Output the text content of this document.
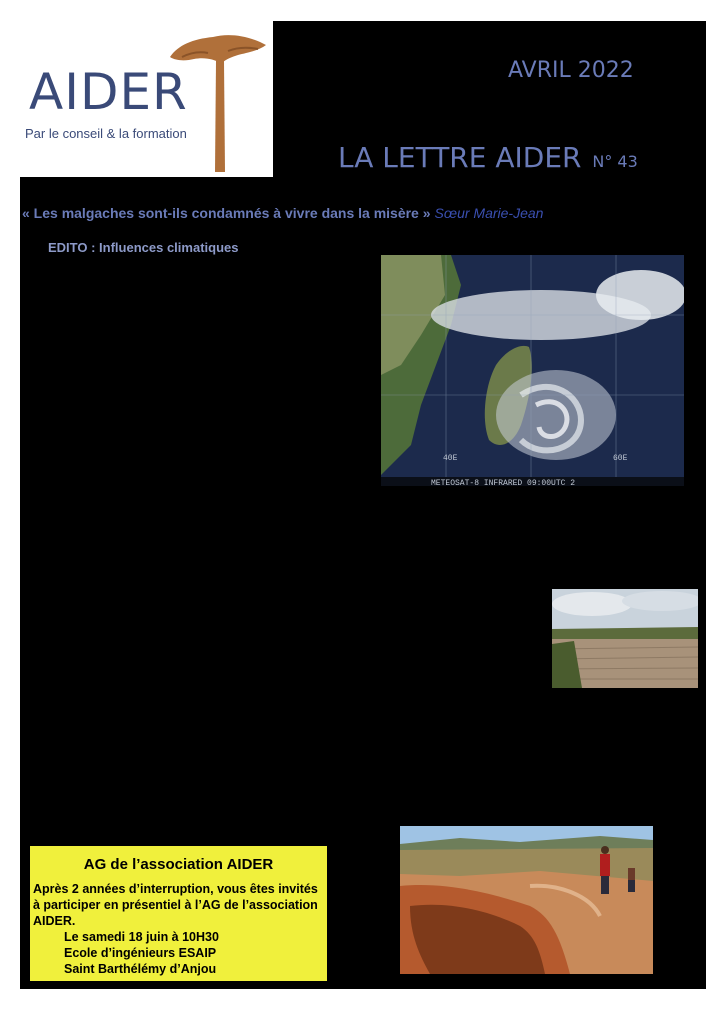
AIDER
Par le conseil & la formation
AVRIL 2022
LA LETTRE AIDER N° 43
« Les malgaches sont-ils condamnés à vivre dans la misère » Sœur Marie-Jean
EDITO : Influences climatiques
40E	60E
METEOSAT-8 INFRARED 09:00UTC 2
AG de l’association AIDER
Après 2 années d’interruption, vous êtes invités à participer en présentiel à l’AG de l’association AIDER.
Le samedi 18 juin à 10H30
Ecole d’ingénieurs ESAIP
Saint Barthélémy d’Anjou
